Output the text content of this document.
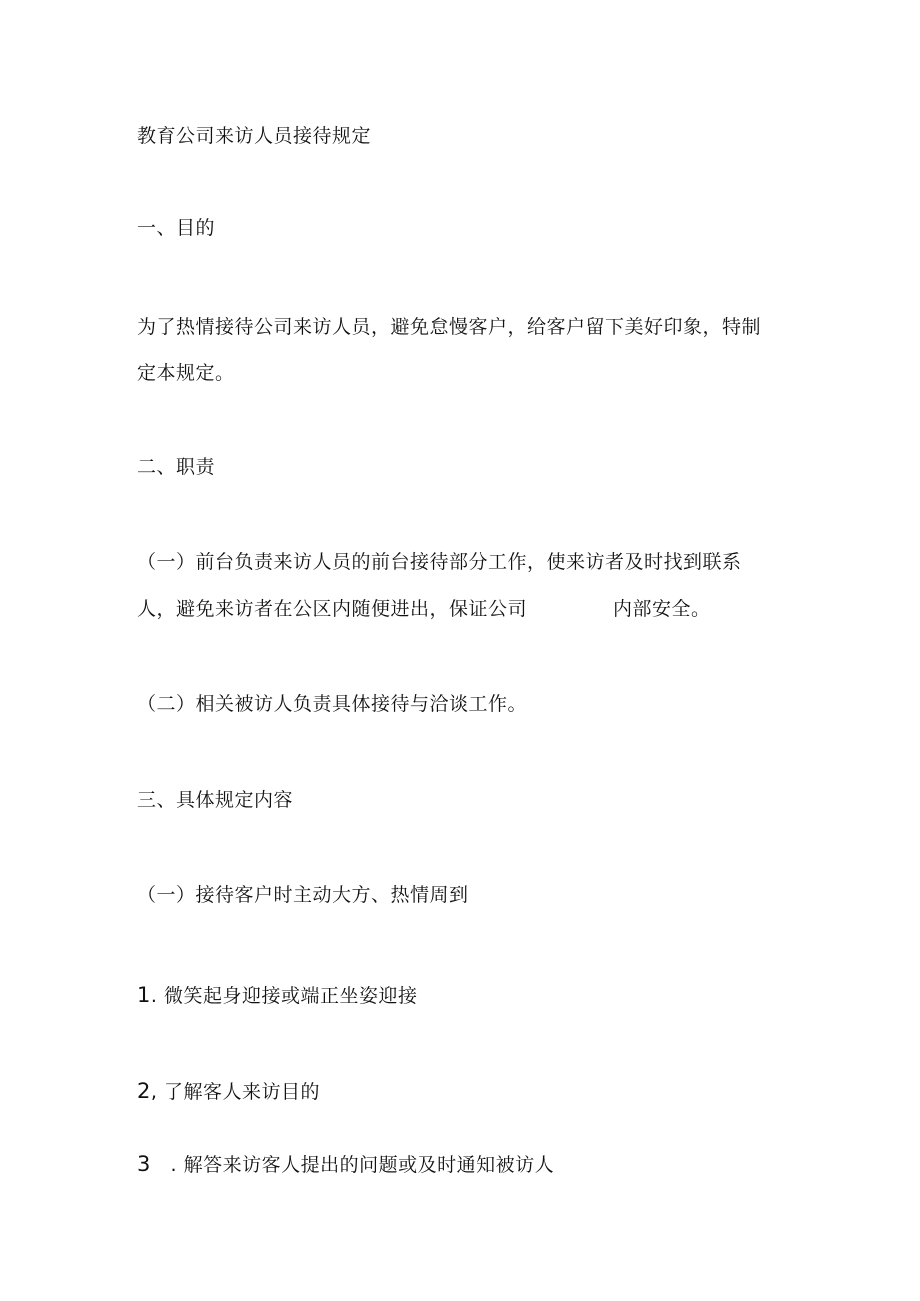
教育公司来访人员接待规定
一、目的
为了热情接待公司来访人员，避免怠慢客户，给客户留下美好印象，特制
定本规定。
二、职责
（一）前台负责来访人员的前台接待部分工作，使来访者及时找到联系
人，避免来访者在公区内随便进出，保证公司	内部安全。
（二）相关被访人负责具体接待与洽谈工作。
三、具体规定内容
（一）接待客户时主动大方、热情周到
1. 微笑起身迎接或端正坐姿迎接
2, 了解客人来访目的
3   . 解答来访客人提出的问题或及时通知被访人
